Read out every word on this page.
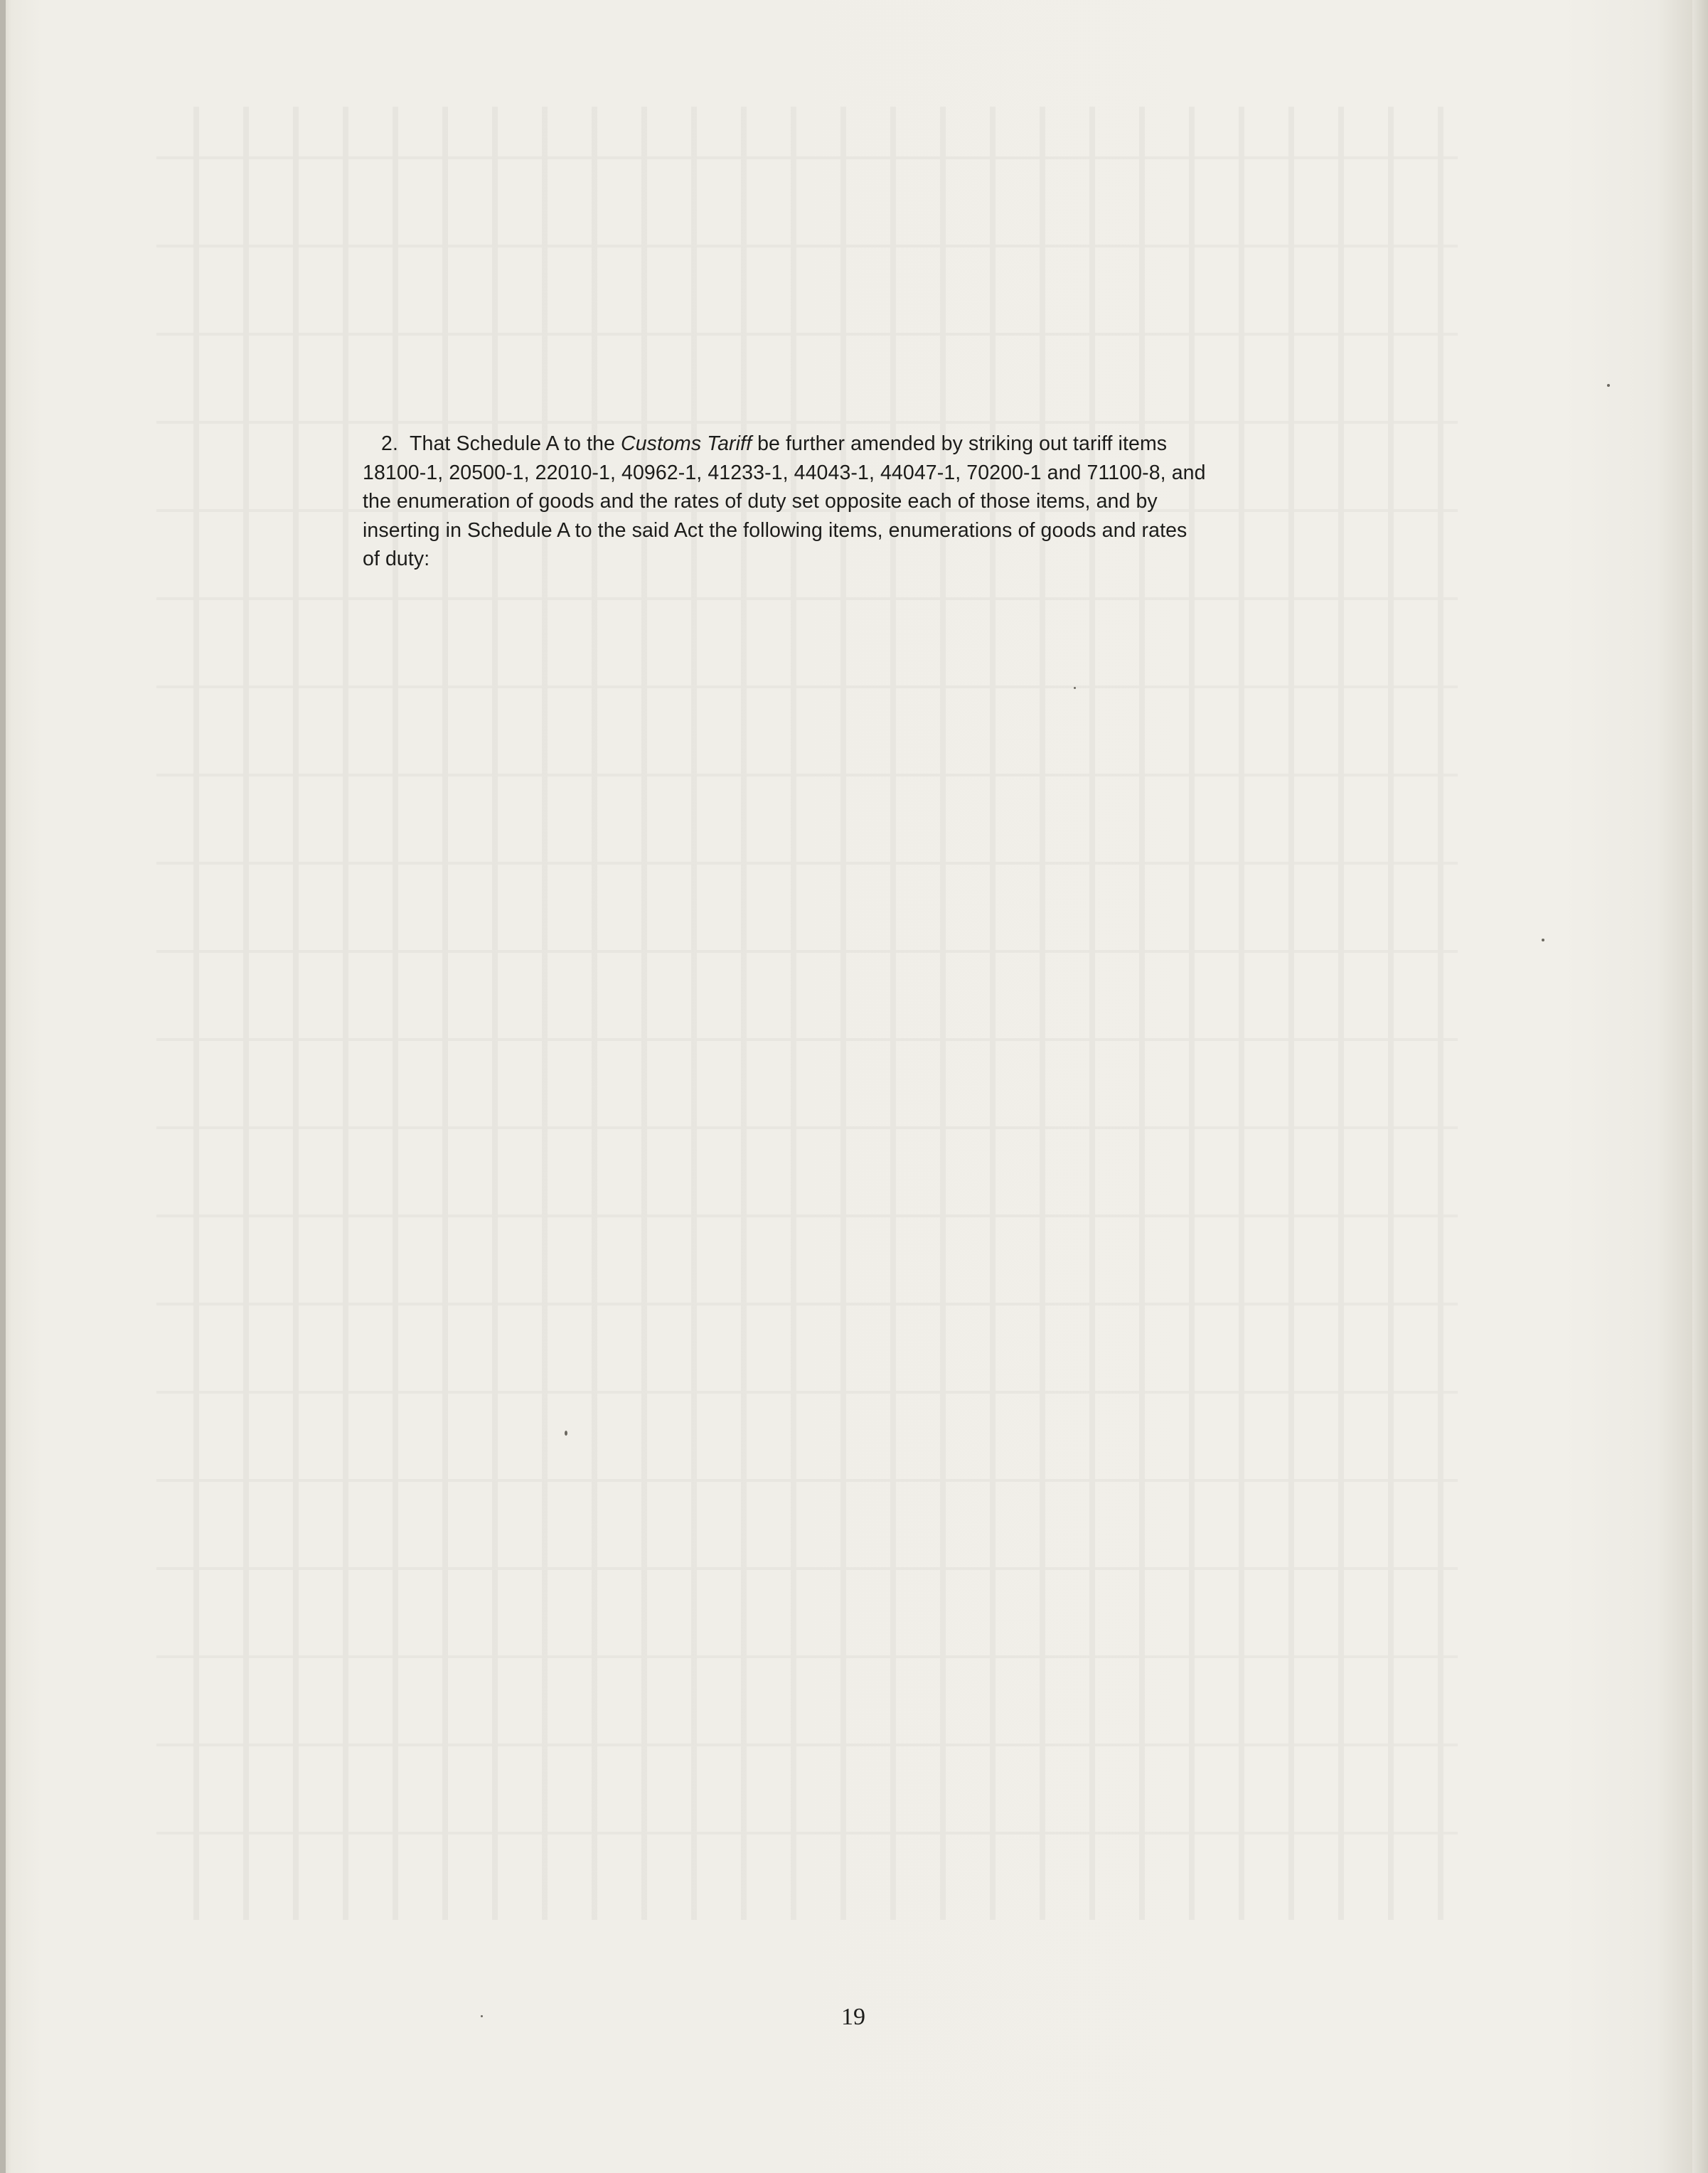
2. That Schedule A to the Customs Tariff be further amended by striking out tariff items
18100-1, 20500-1, 22010-1, 40962-1, 41233-1, 44043-1, 44047-1, 70200-1 and 71100-8, and
the enumeration of goods and the rates of duty set opposite each of those items, and by
inserting in Schedule A to the said Act the following items, enumerations of goods and rates
of duty:

19
